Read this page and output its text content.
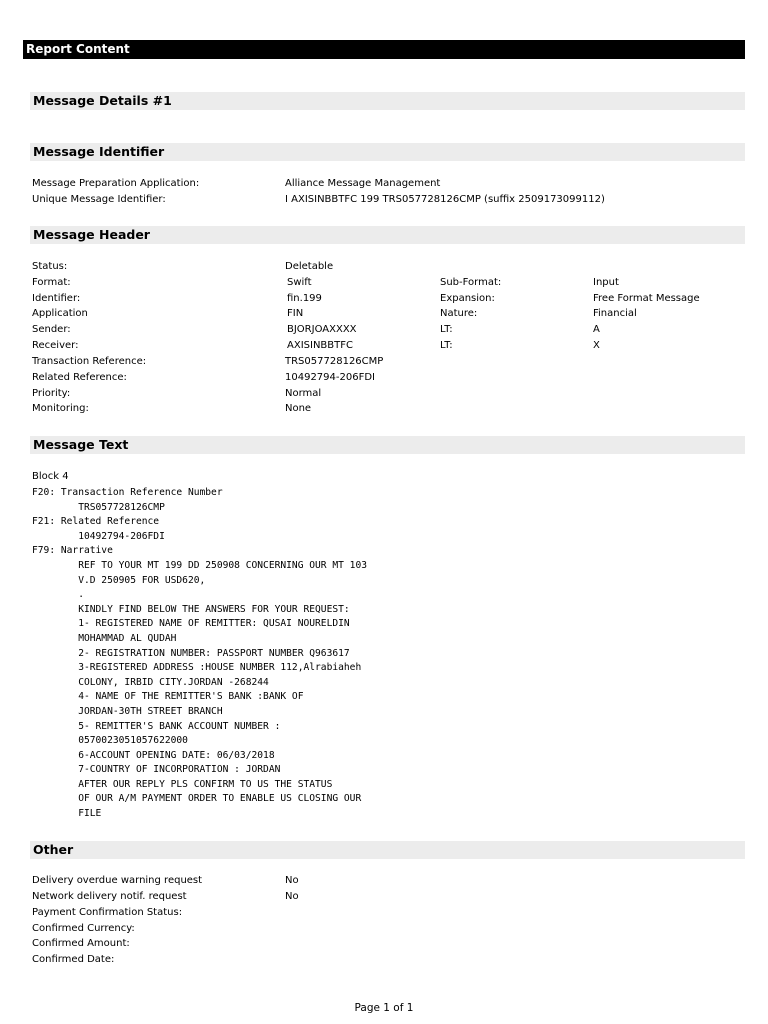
Report Content
Message Details #1
Message Identifier
Message Preparation Application:	Alliance Message Management
Unique Message Identifier:	I AXISINBBTFC 199 TRS057728126CMP (suffix 2509173099112)
Message Header
Status:	Deletable
Format:	Swift	Sub-Format:	Input
Identifier:	fin.199	Expansion:	Free Format Message
Application	FIN	Nature:	Financial
Sender:	BJORJOAXXXX	LT:	A
Receiver:	AXISINBBTFC	LT:	X
Transaction Reference:	TRS057728126CMP
Related Reference:	10492794-206FDI
Priority:	Normal
Monitoring:	None
Message Text
Block 4
F20: Transaction Reference Number
TRS057728126CMP
F21: Related Reference
10492794-206FDI
F79: Narrative
REF TO YOUR MT 199 DD 250908 CONCERNING OUR MT 103
V.D 250905 FOR USD620,
.
KINDLY FIND BELOW THE ANSWERS FOR YOUR REQUEST:
1- REGISTERED NAME OF REMITTER: QUSAI NOURELDIN
MOHAMMAD AL QUDAH
2- REGISTRATION NUMBER: PASSPORT NUMBER Q963617
3-REGISTERED ADDRESS :HOUSE NUMBER 112,Alrabiaheh
COLONY, IRBID CITY.JORDAN -268244
4- NAME OF THE REMITTER'S BANK :BANK OF
JORDAN-30TH STREET BRANCH
5- REMITTER'S BANK ACCOUNT NUMBER :
0570023051057622000
6-ACCOUNT OPENING DATE: 06/03/2018
7-COUNTRY OF INCORPORATION : JORDAN
AFTER OUR REPLY PLS CONFIRM TO US THE STATUS
OF OUR A/M PAYMENT ORDER TO ENABLE US CLOSING OUR
FILE
Other
Delivery overdue warning request	No
Network delivery notif. request	No
Payment Confirmation Status:
Confirmed Currency:
Confirmed Amount:
Confirmed Date:
Page 1 of 1
